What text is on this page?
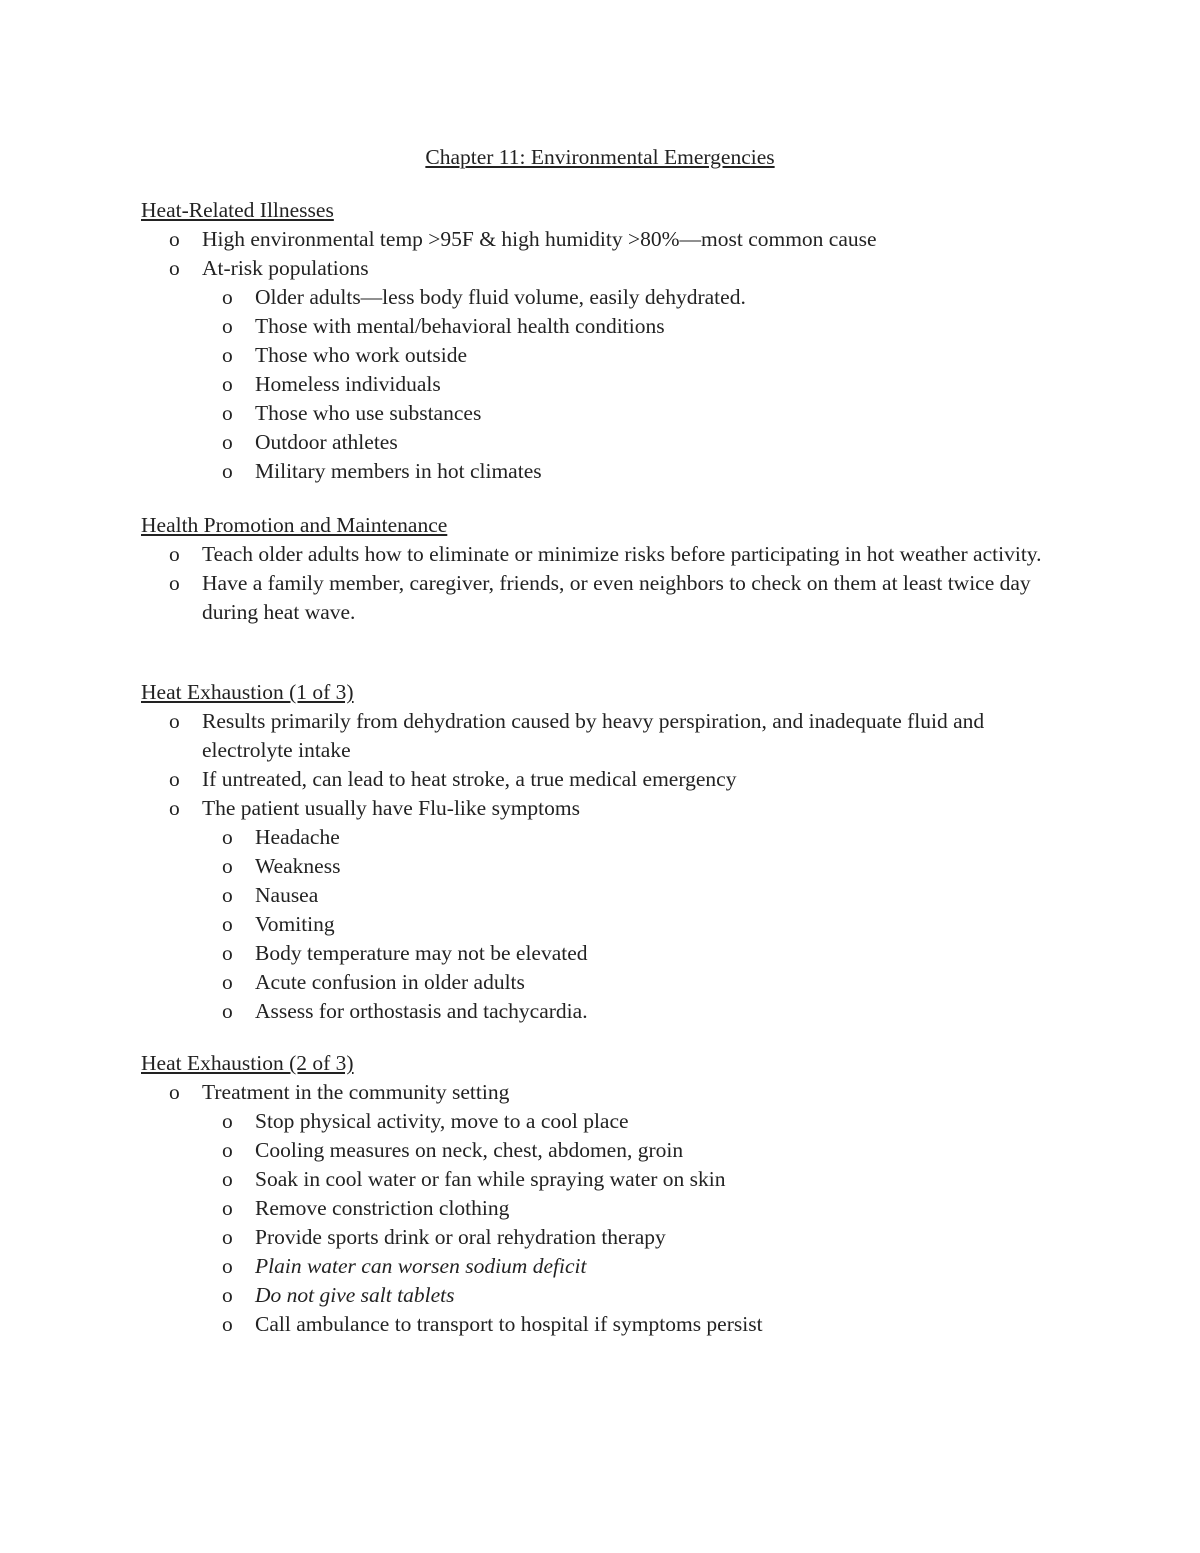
Chapter 11: Environmental Emergencies
Heat-Related Illnesses
o High environmental temp >95F & high humidity >80%—most common cause
o At-risk populations
o Older adults—less body fluid volume, easily dehydrated.
o Those with mental/behavioral health conditions
o Those who work outside
o Homeless individuals
o Those who use substances
o Outdoor athletes
o Military members in hot climates
Health Promotion and Maintenance
o Teach older adults how to eliminate or minimize risks before participating in hot weather activity.
o Have a family member, caregiver, friends, or even neighbors to check on them at least twice day during heat wave.
Heat Exhaustion (1 of 3)
o Results primarily from dehydration caused by heavy perspiration, and inadequate fluid and electrolyte intake
o If untreated, can lead to heat stroke, a true medical emergency
o The patient usually have Flu-like symptoms
o Headache
o Weakness
o Nausea
o Vomiting
o Body temperature may not be elevated
o Acute confusion in older adults
o Assess for orthostasis and tachycardia.
Heat Exhaustion (2 of 3)
o Treatment in the community setting
o Stop physical activity, move to a cool place
o Cooling measures on neck, chest, abdomen, groin
o Soak in cool water or fan while spraying water on skin
o Remove constriction clothing
o Provide sports drink or oral rehydration therapy
o Plain water can worsen sodium deficit
o Do not give salt tablets
o Call ambulance to transport to hospital if symptoms persist
